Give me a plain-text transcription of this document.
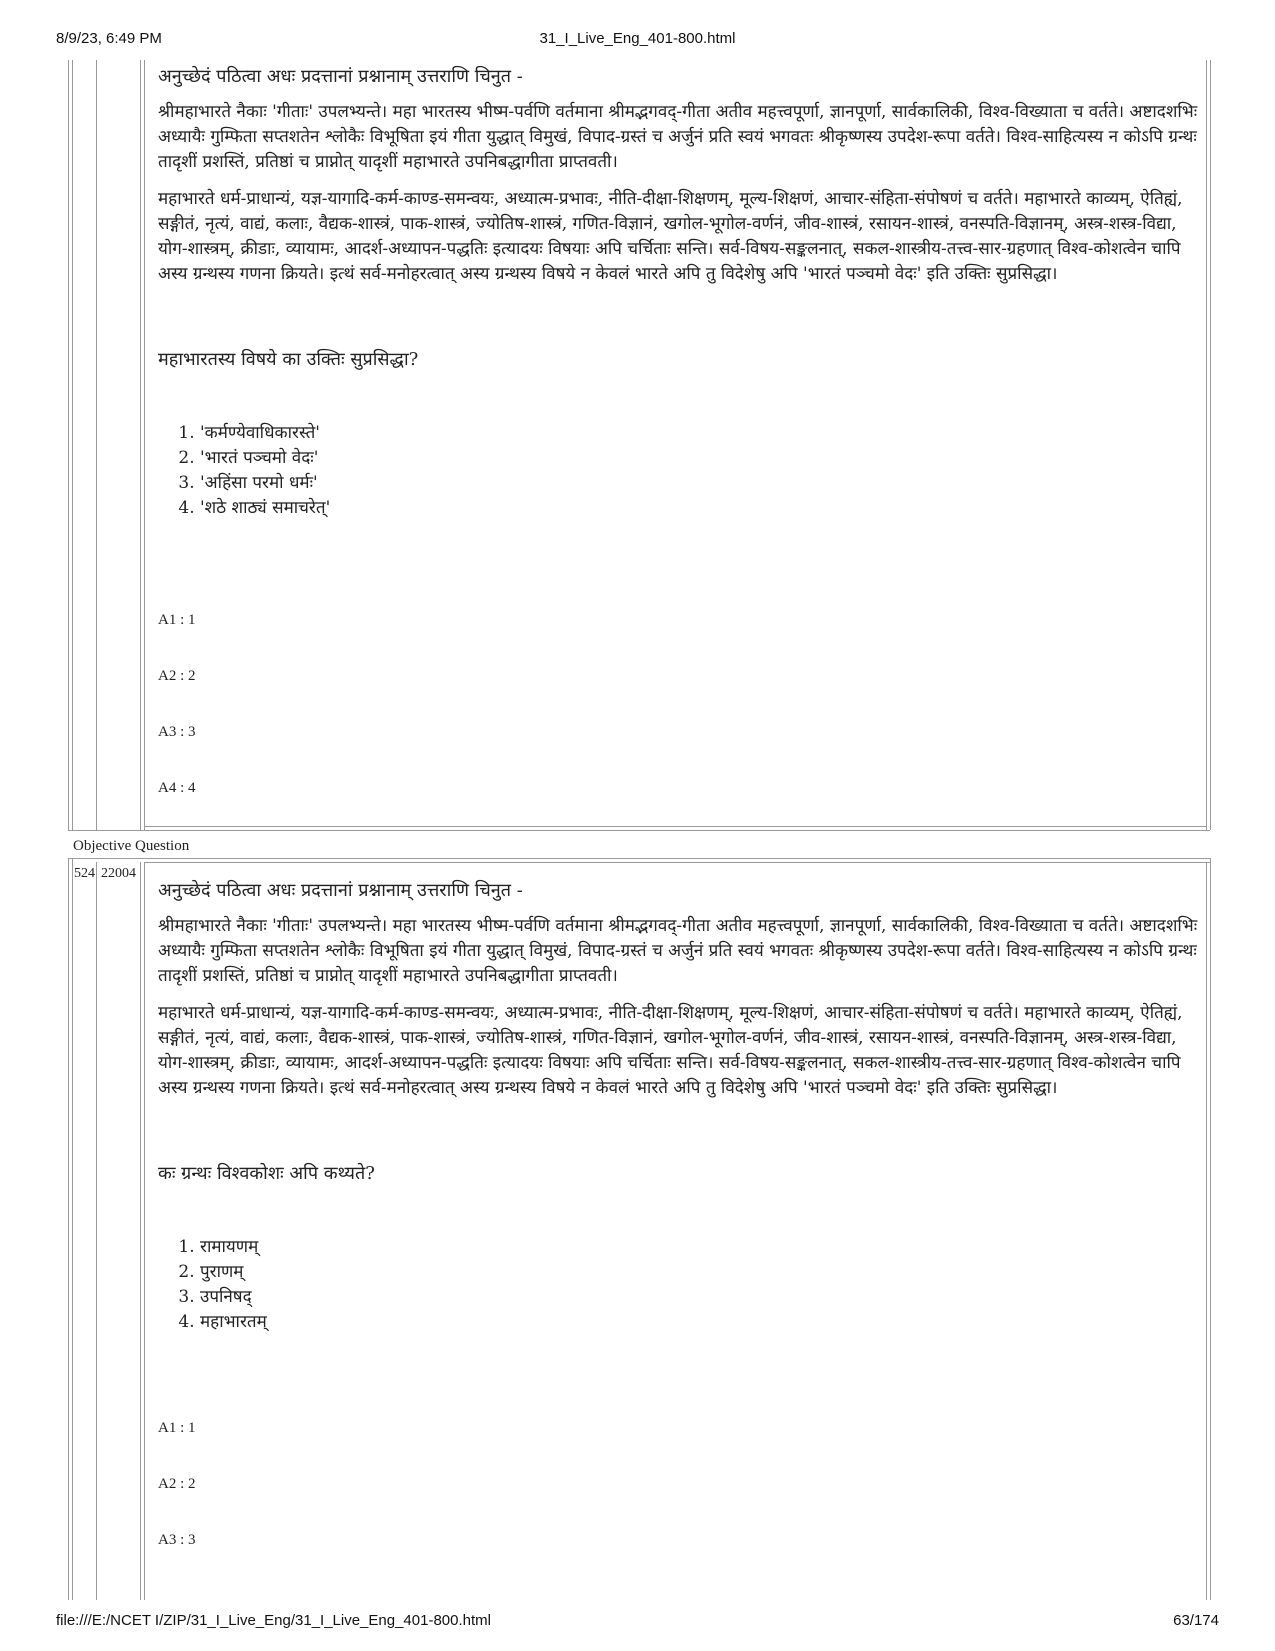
8/9/23, 6:49 PM	31_I_Live_Eng_401-800.html

अनुच्छेदं पठित्वा अधः प्रदत्तानां प्रश्नानाम् उत्तराणि चिनुत -

श्रीमहाभारते नैकाः 'गीताः' उपलभ्यन्ते। महा भारतस्य भीष्म-पर्वणि वर्तमाना श्रीमद्भगवद्-गीता अतीव महत्त्वपूर्णा, ज्ञानपूर्णा, सार्वकालिकी, विश्व-विख्याता च वर्तते। अष्टादशभिः अध्यायैः गुम्फिता सप्तशतेन श्लोकैः विभूषिता इयं गीता युद्धात् विमुखं, विपाद-ग्रस्तं च अर्जुनं प्रति स्वयं भगवतः श्रीकृष्णस्य उपदेश-रूपा वर्तते। विश्व-साहित्यस्य न कोऽपि ग्रन्थः तादृशीं प्रशस्तिं, प्रतिष्ठां च प्राप्नोत् यादृशीं महाभारते उपनिबद्धागीता प्राप्तवती।

महाभारते धर्म-प्राधान्यं, यज्ञ-यागादि-कर्म-काण्ड-समन्वयः, अध्यात्म-प्रभावः, नीति-दीक्षा-शिक्षणम्, मूल्य-शिक्षणं, आचार-संहिता-संपोषणं च वर्तते। महाभारते काव्यम्, ऐतिह्यं, सङ्गीतं, नृत्यं, वाद्यं, कलाः, वैद्यक-शास्त्रं, पाक-शास्त्रं, ज्योतिष-शास्त्रं, गणित-विज्ञानं, खगोल-भूगोल-वर्णनं, जीव-शास्त्रं, रसायन-शास्त्रं, वनस्पति-विज्ञानम्, अस्त्र-शस्त्र-विद्या, योग-शास्त्रम्, क्रीडाः, व्यायामः, आदर्श-अध्यापन-पद्धतिः इत्यादयः विषयाः अपि चर्चिताः सन्ति। सर्व-विषय-सङ्कलनात्, सकल-शास्त्रीय-तत्त्व-सार-ग्रहणात् विश्व-कोशत्वेन चापि अस्य ग्रन्थस्य गणना क्रियते। इत्थं सर्व-मनोहरत्वात् अस्य ग्रन्थस्य विषये न केवलं भारते अपि तु विदेशेषु अपि 'भारतं पञ्चमो वेदः' इति उक्तिः सुप्रसिद्धा।

महाभारतस्य विषये का उक्तिः सुप्रसिद्धा?

1. 'कर्मण्येवाधिकारस्ते'
2. 'भारतं पञ्चमो वेदः'
3. 'अहिंसा परमो धर्मः'
4. 'शठे शाठ्यं समाचरेत्'

A1 : 1

A2 : 2

A3 : 3

A4 : 4

Objective Question
524 22004

अनुच्छेदं पठित्वा अधः प्रदत्तानां प्रश्नानाम् उत्तराणि चिनुत -

श्रीमहाभारते नैकाः 'गीताः' उपलभ्यन्ते। महा भारतस्य भीष्म-पर्वणि वर्तमाना श्रीमद्भगवद्-गीता अतीव महत्त्वपूर्णा, ज्ञानपूर्णा, सार्वकालिकी, विश्व-विख्याता च वर्तते। अष्टादशभिः अध्यायैः गुम्फिता सप्तशतेन श्लोकैः विभूषिता इयं गीता युद्धात् विमुखं, विपाद-ग्रस्तं च अर्जुनं प्रति स्वयं भगवतः श्रीकृष्णस्य उपदेश-रूपा वर्तते। विश्व-साहित्यस्य न कोऽपि ग्रन्थः तादृशीं प्रशस्तिं, प्रतिष्ठां च प्राप्नोत् यादृशीं महाभारते उपनिबद्धागीता प्राप्तवती।

महाभारते धर्म-प्राधान्यं, यज्ञ-यागादि-कर्म-काण्ड-समन्वयः, अध्यात्म-प्रभावः, नीति-दीक्षा-शिक्षणम्, मूल्य-शिक्षणं, आचार-संहिता-संपोषणं च वर्तते। महाभारते काव्यम्, ऐतिह्यं, सङ्गीतं, नृत्यं, वाद्यं, कलाः, वैद्यक-शास्त्रं, पाक-शास्त्रं, ज्योतिष-शास्त्रं, गणित-विज्ञानं, खगोल-भूगोल-वर्णनं, जीव-शास्त्रं, रसायन-शास्त्रं, वनस्पति-विज्ञानम्, अस्त्र-शस्त्र-विद्या, योग-शास्त्रम्, क्रीडाः, व्यायामः, आदर्श-अध्यापन-पद्धतिः इत्यादयः विषयाः अपि चर्चिताः सन्ति। सर्व-विषय-सङ्कलनात्, सकल-शास्त्रीय-तत्त्व-सार-ग्रहणात् विश्व-कोशत्वेन चापि अस्य ग्रन्थस्य गणना क्रियते। इत्थं सर्व-मनोहरत्वात् अस्य ग्रन्थस्य विषये न केवलं भारते अपि तु विदेशेषु अपि 'भारतं पञ्चमो वेदः' इति उक्तिः सुप्रसिद्धा।

कः ग्रन्थः विश्वकोशः अपि कथ्यते?

1. रामायणम्
2. पुराणम्
3. उपनिषद्
4. महाभारतम्

A1 : 1

A2 : 2

A3 : 3

file:///E:/NCET I/ZIP/31_I_Live_Eng/31_I_Live_Eng_401-800.html	63/174
